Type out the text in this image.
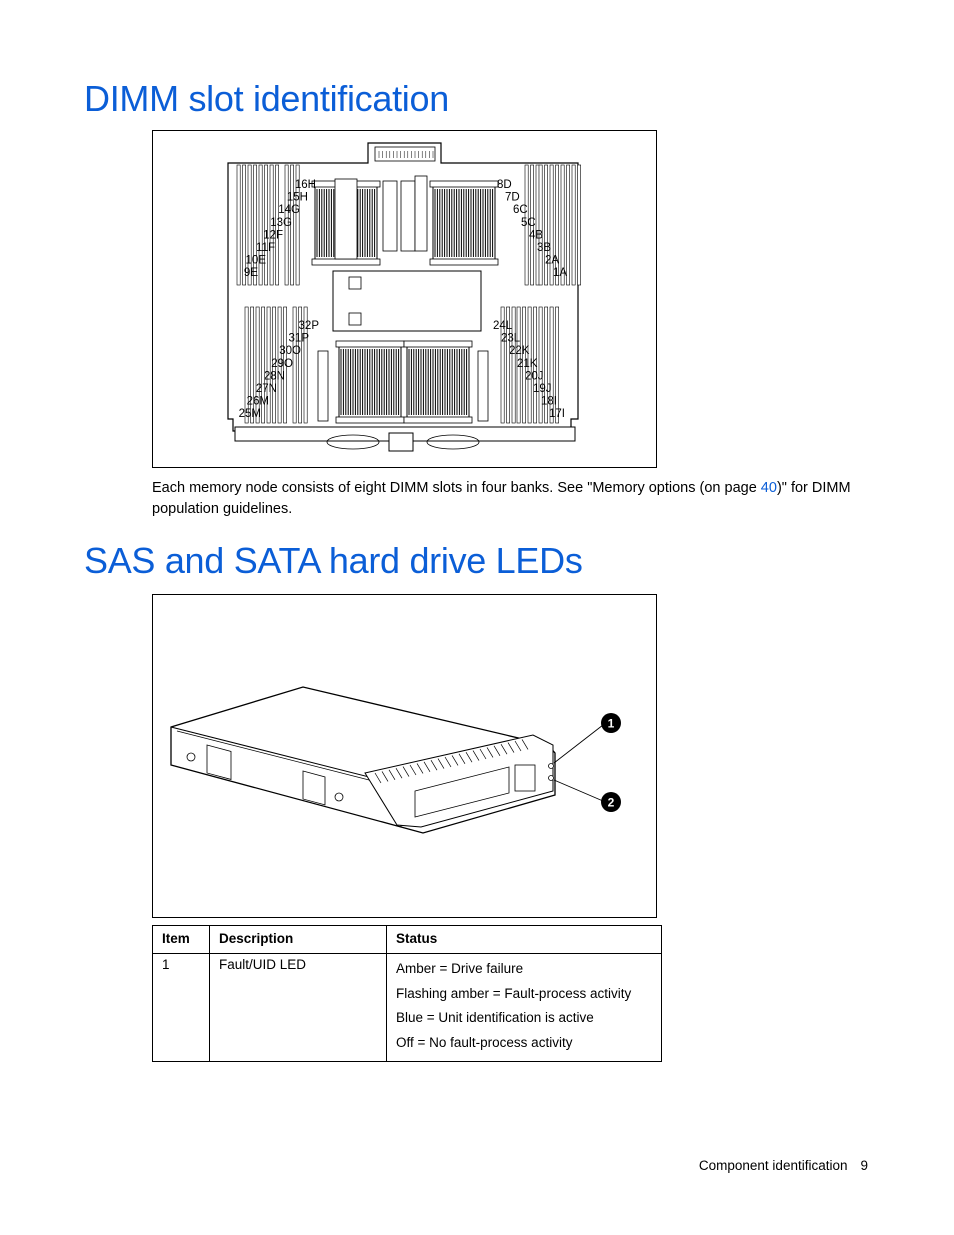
DIMM slot identification
16H
15H
14G
13G
12F
11F
10E
9E
8D
7D
6C
5C
4B
3B
2A
1A
32P
31P
30O
29O
28N
27N
26M
25M
24L
23L
22K
21K
20J
19J
18I
17I

Each memory node consists of eight DIMM slots in four banks. See "Memory options (on page 40)" for DIMM population guidelines.

SAS and SATA hard drive LEDs
1
2
Item	Description	Status
1	Fault/UID LED	Amber = Drive failure
Flashing amber = Fault-process activity
Blue = Unit identification is active
Off = No fault-process activity
Component identification 9
